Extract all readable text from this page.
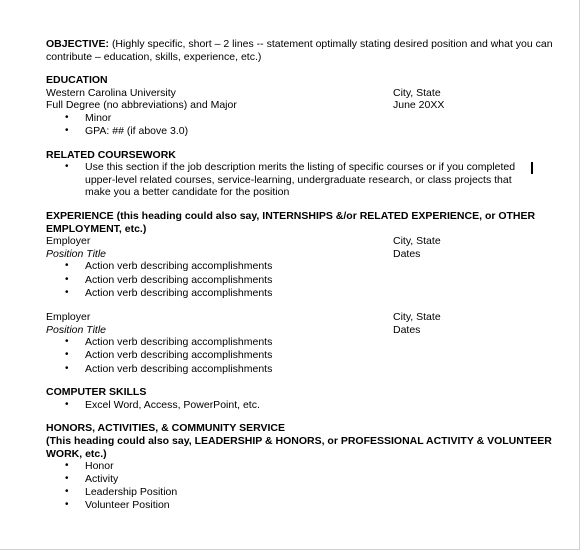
OBJECTIVE: (Highly specific, short – 2 lines -- statement optimally stating desired position and what you can contribute – education, skills, experience, etc.)
EDUCATION
Western Carolina University	City, State
Full Degree (no abbreviations) and Major	June 20XX
• Minor
• GPA: ## (if above 3.0)
RELATED COURSEWORK
• Use this section if the job description merits the listing of specific courses or if you completed upper-level related courses, service-learning, undergraduate research, or class projects that make you a better candidate for the position
EXPERIENCE (this heading could also say, INTERNSHIPS &/or RELATED EXPERIENCE, or OTHER EMPLOYMENT, etc.)
Employer	City, State
Position Title	Dates
• Action verb describing accomplishments
• Action verb describing accomplishments
• Action verb describing accomplishments
Employer	City, State
Position Title	Dates
• Action verb describing accomplishments
• Action verb describing accomplishments
• Action verb describing accomplishments
COMPUTER SKILLS
• Excel Word, Access, PowerPoint, etc.
HONORS, ACTIVITIES, & COMMUNITY SERVICE
(This heading could also say, LEADERSHIP & HONORS, or PROFESSIONAL ACTIVITY & VOLUNTEER WORK, etc.)
• Honor
• Activity
• Leadership Position
• Volunteer Position
